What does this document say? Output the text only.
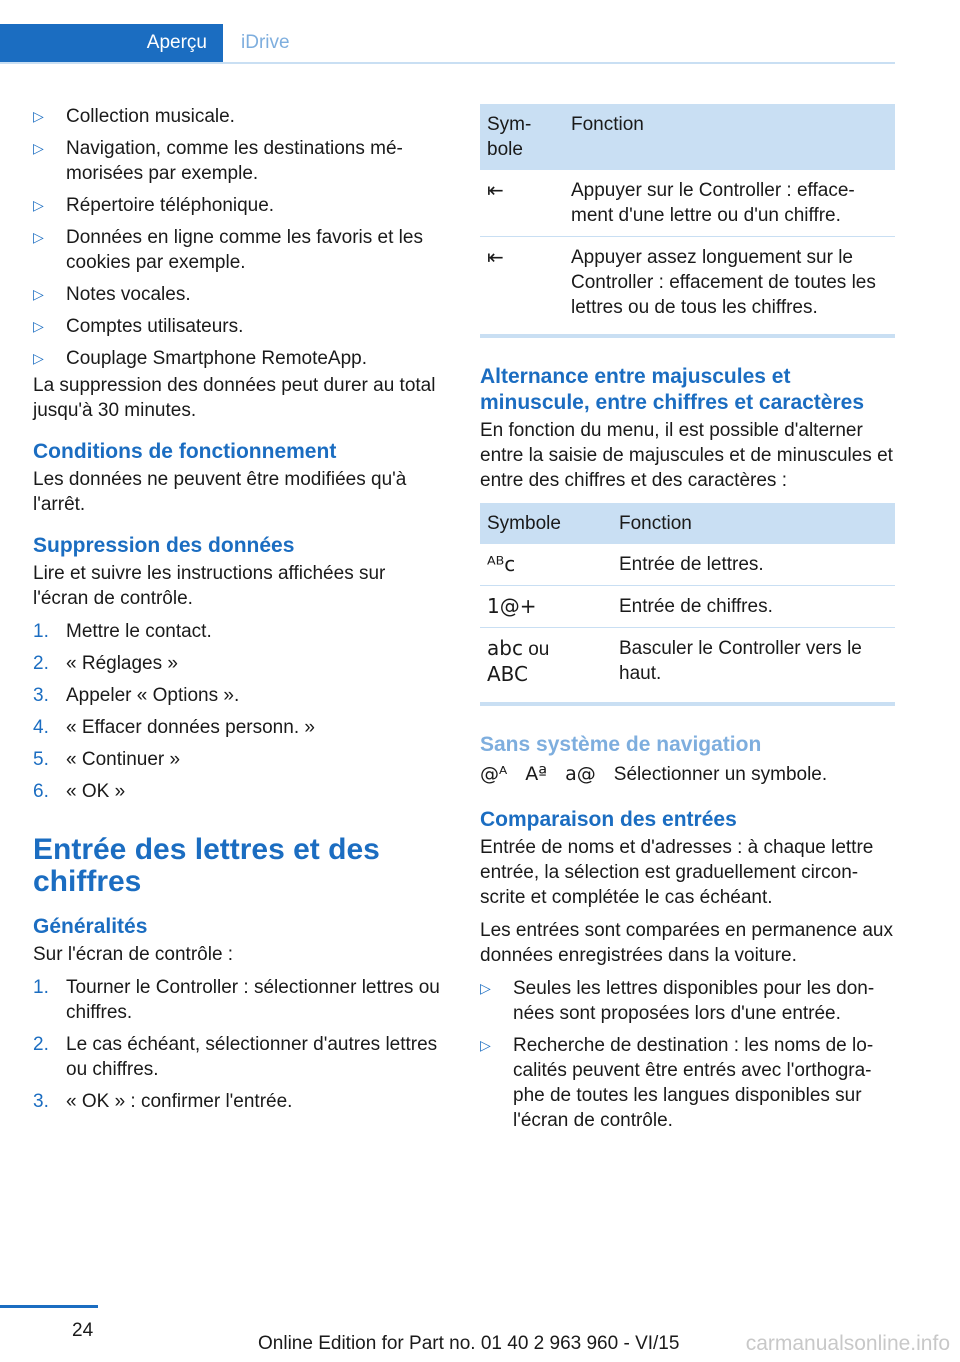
Aperçu	iDrive
▷ Collection musicale.
▷ Navigation, comme les destinations mémorisées par exemple.
▷ Répertoire téléphonique.
▷ Données en ligne comme les favoris et les cookies par exemple.
▷ Notes vocales.
▷ Comptes utilisateurs.
▷ Couplage Smartphone RemoteApp.

La suppression des données peut durer au total jusqu'à 30 minutes.

Conditions de fonctionnement

Les données ne peuvent être modifiées qu'à l'arrêt.

Suppression des données

Lire et suivre les instructions affichées sur l'écran de contrôle.

1. Mettre le contact.
2. « Réglages »
3. Appeler « Options ».
4. « Effacer données personn. »
5. « Continuer »
6. « OK »
Entrée des lettres et des chiffres
Généralités

Sur l'écran de contrôle :

1. Tourner le Controller : sélectionner lettres ou chiffres.
2. Le cas échéant, sélectionner d'autres lettres ou chiffres.
3. « OK » : confirmer l'entrée.
Symbole	Fonction
⇤	Appuyer sur le Controller : effacement d'une lettre ou d'un chiffre.
⇤	Appuyer assez longuement sur le Controller : effacement de toutes les lettres ou de tous les chiffres.
Alternance entre majuscules et minuscule, entre chiffres et caractères

En fonction du menu, il est possible d'alterner entre la saisie de majuscules et de minuscules et entre des chiffres et des caractères :

Symbole	Fonction
ᴬᴮc	Entrée de lettres.
1@+	Entrée de chiffres.
abc ou
ABC	Basculer le Controller vers le haut.
Sans système de navigation
@ᴬ Aª a@ Sélectionner un symbole.
Comparaison des entrées

Entrée de noms et d'adresses : à chaque lettre entrée, la sélection est graduellement circonscrite et complétée le cas échéant.

Les entrées sont comparées en permanence aux données enregistrées dans la voiture.

▷ Seules les lettres disponibles pour les données sont proposées lors d'une entrée.
▷ Recherche de destination : les noms de localités peuvent être entrés avec l'orthographe de toutes les langues disponibles sur l'écran de contrôle.
24
Online Edition for Part no. 01 40 2 963 960 - VI/15	carmanualsonline.info
